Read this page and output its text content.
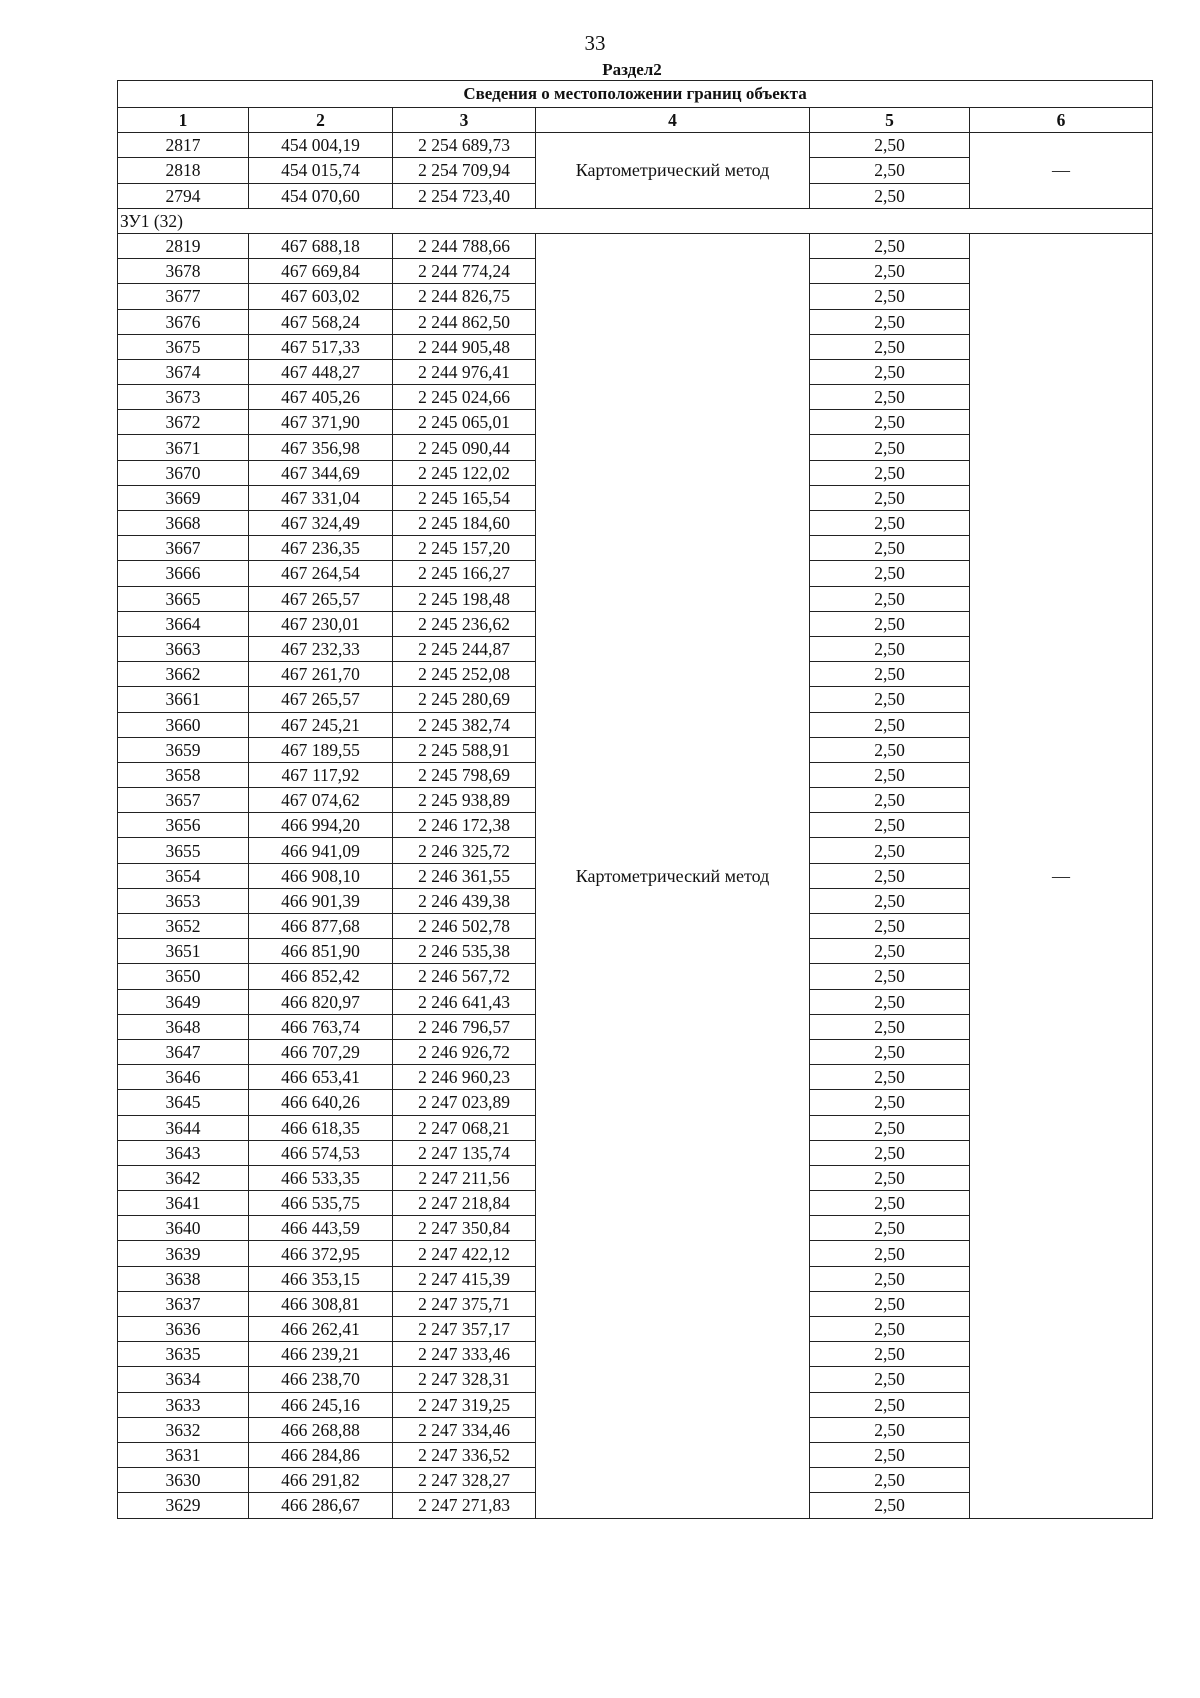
33
Раздел2
Сведения о местоположении границ объекта					
1	2	3	4	5	6
2817	454 004,19	2 254 689,73	Картометрический метод	2,50	—
2818	454 015,74	2 254 709,94		2,50	
2794	454 070,60	2 254 723,40		2,50	
ЗУ1 (32)					
2819	467 688,18	2 244 788,66	Картометрический метод	2,50	—
3678	467 669,84	2 244 774,24		2,50	
3677	467 603,02	2 244 826,75		2,50	
3676	467 568,24	2 244 862,50		2,50	
3675	467 517,33	2 244 905,48		2,50	
3674	467 448,27	2 244 976,41		2,50	
3673	467 405,26	2 245 024,66		2,50	
3672	467 371,90	2 245 065,01		2,50	
3671	467 356,98	2 245 090,44		2,50	
3670	467 344,69	2 245 122,02		2,50	
3669	467 331,04	2 245 165,54		2,50	
3668	467 324,49	2 245 184,60		2,50	
3667	467 236,35	2 245 157,20		2,50	
3666	467 264,54	2 245 166,27		2,50	
3665	467 265,57	2 245 198,48		2,50	
3664	467 230,01	2 245 236,62		2,50	
3663	467 232,33	2 245 244,87		2,50	
3662	467 261,70	2 245 252,08		2,50	
3661	467 265,57	2 245 280,69		2,50	
3660	467 245,21	2 245 382,74		2,50	
3659	467 189,55	2 245 588,91		2,50	
3658	467 117,92	2 245 798,69		2,50	
3657	467 074,62	2 245 938,89		2,50	
3656	466 994,20	2 246 172,38		2,50	
3655	466 941,09	2 246 325,72		2,50	
3654	466 908,10	2 246 361,55		2,50	
3653	466 901,39	2 246 439,38		2,50	
3652	466 877,68	2 246 502,78		2,50	
3651	466 851,90	2 246 535,38		2,50	
3650	466 852,42	2 246 567,72		2,50	
3649	466 820,97	2 246 641,43		2,50	
3648	466 763,74	2 246 796,57		2,50	
3647	466 707,29	2 246 926,72		2,50	
3646	466 653,41	2 246 960,23		2,50	
3645	466 640,26	2 247 023,89		2,50	
3644	466 618,35	2 247 068,21		2,50	
3643	466 574,53	2 247 135,74		2,50	
3642	466 533,35	2 247 211,56		2,50	
3641	466 535,75	2 247 218,84		2,50	
3640	466 443,59	2 247 350,84		2,50	
3639	466 372,95	2 247 422,12		2,50	
3638	466 353,15	2 247 415,39		2,50	
3637	466 308,81	2 247 375,71		2,50	
3636	466 262,41	2 247 357,17		2,50	
3635	466 239,21	2 247 333,46		2,50	
3634	466 238,70	2 247 328,31		2,50	
3633	466 245,16	2 247 319,25		2,50	
3632	466 268,88	2 247 334,46		2,50	
3631	466 284,86	2 247 336,52		2,50	
3630	466 291,82	2 247 328,27		2,50	
3629	466 286,67	2 247 271,83		2,50	
